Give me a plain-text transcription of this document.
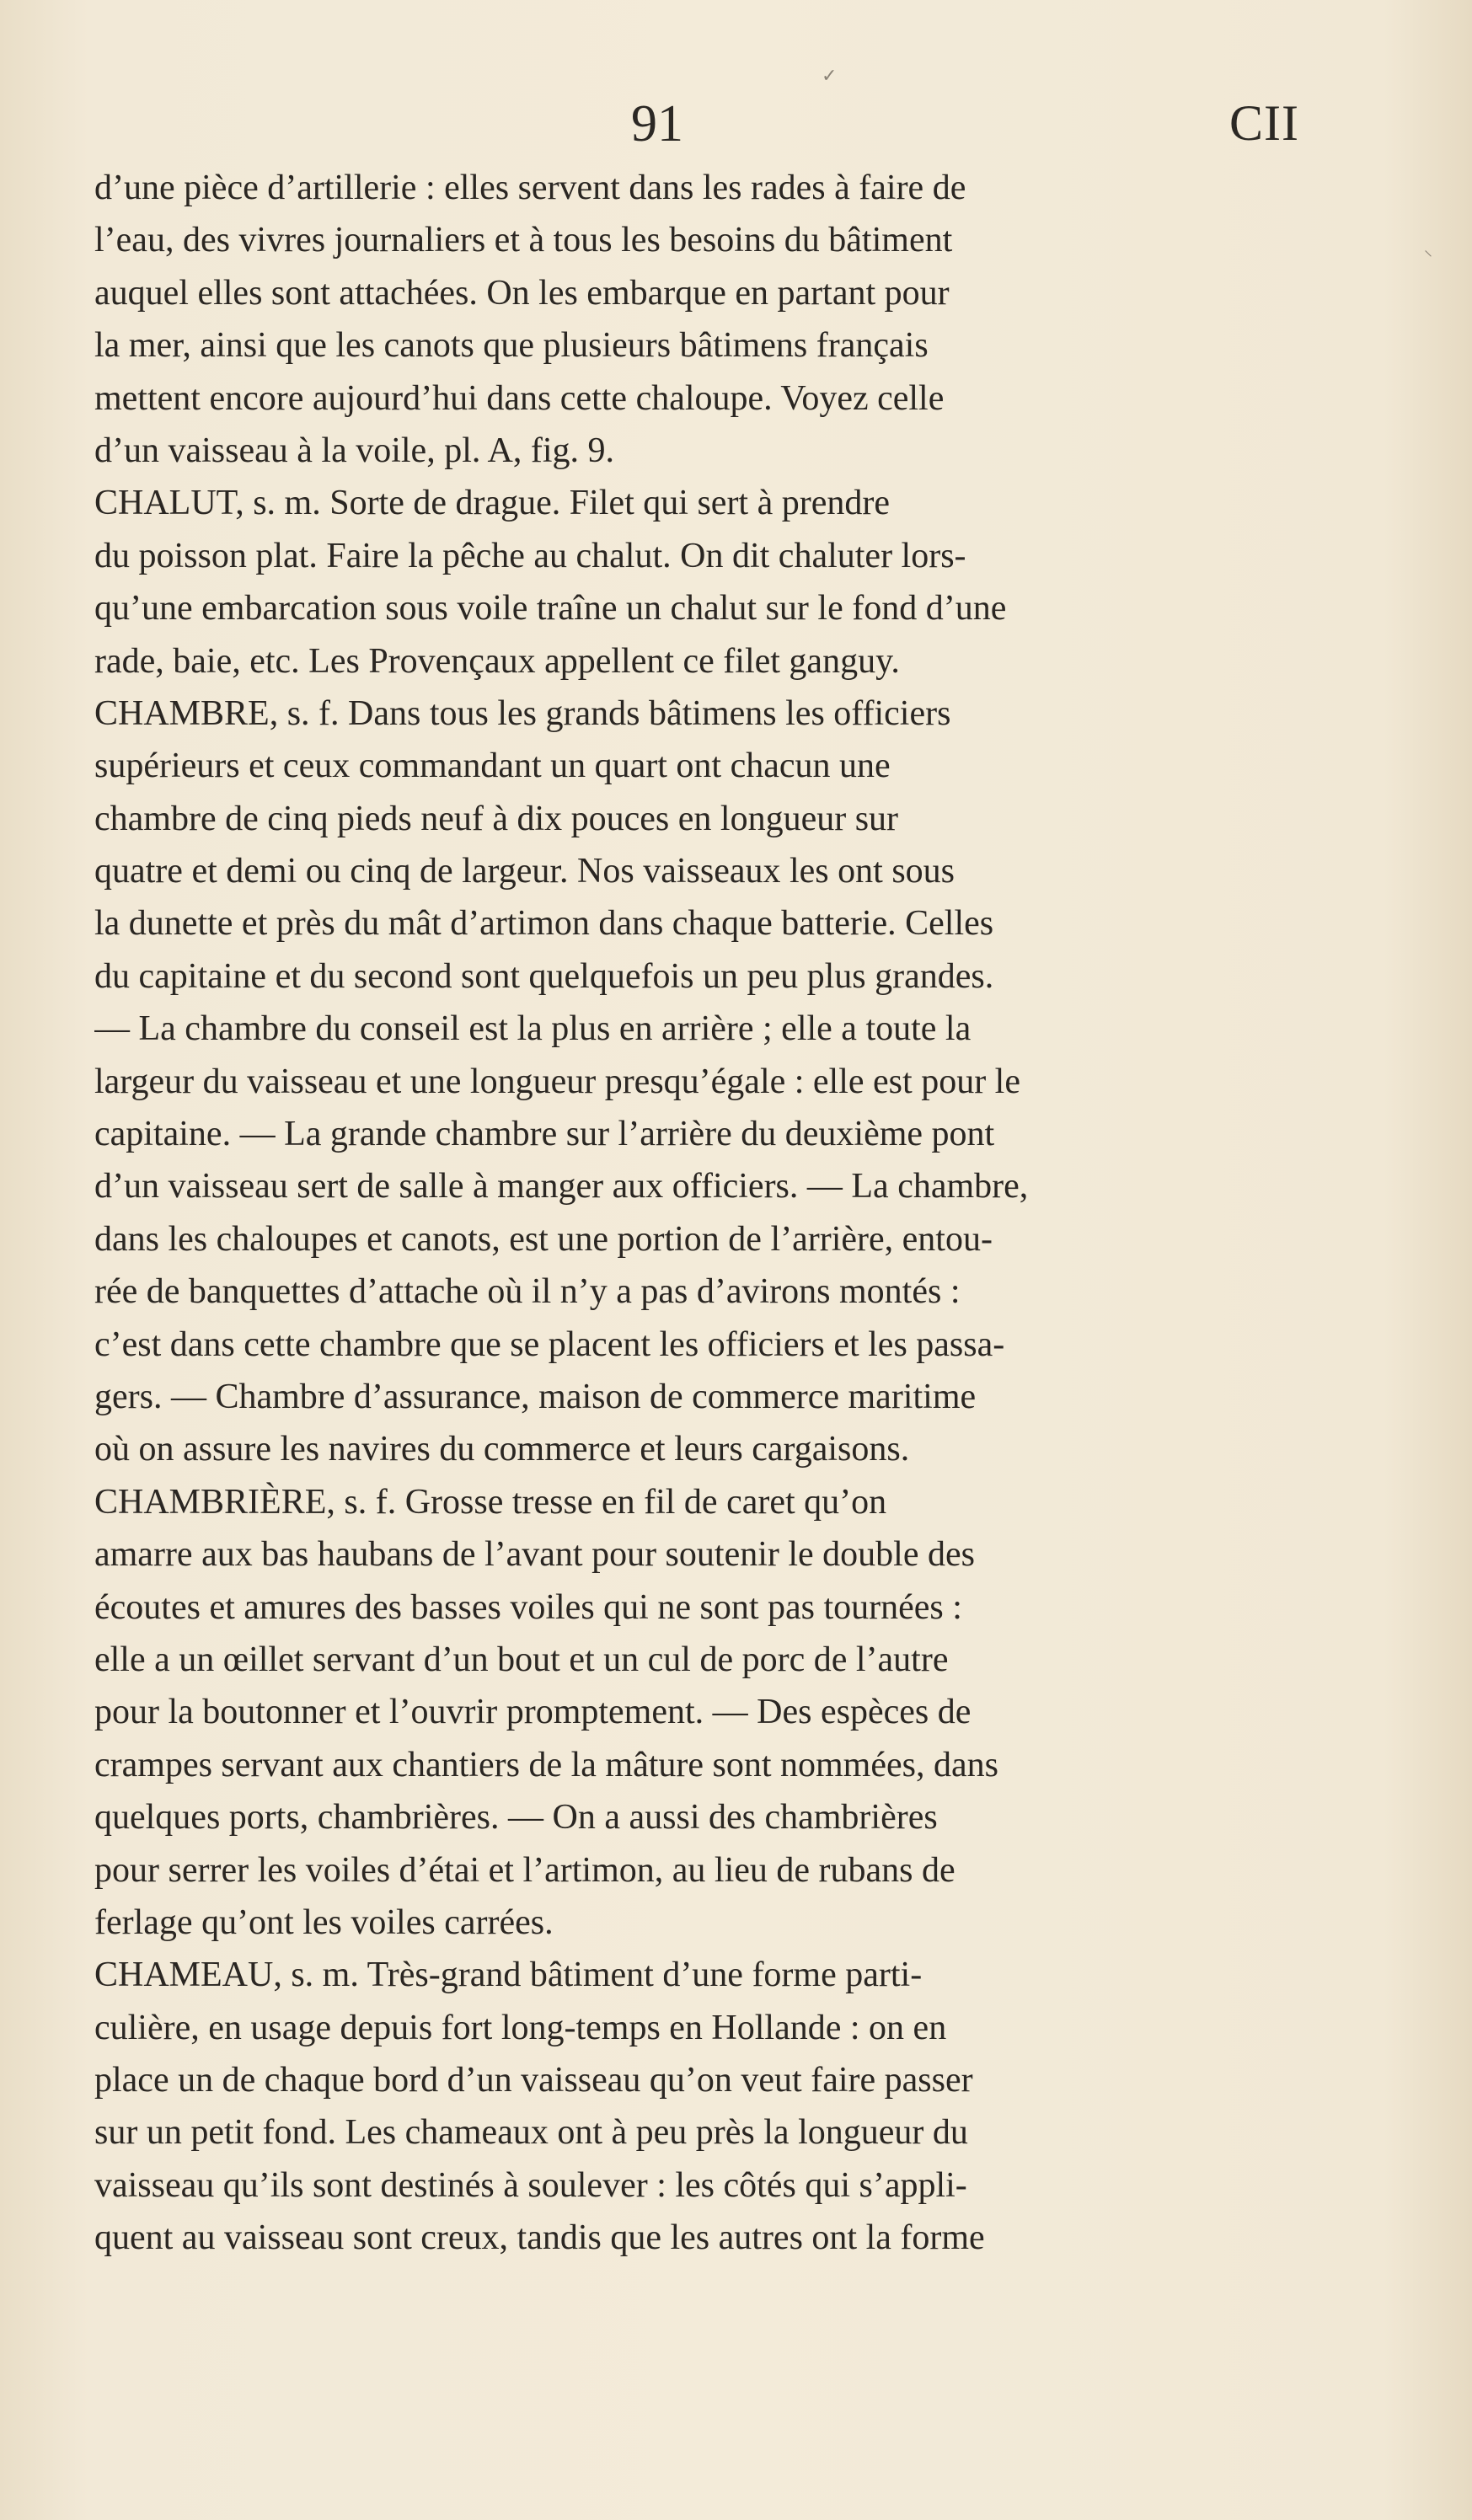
91	CII
✓
⸜
d’une pièce d’artillerie : elles servent dans les rades à faire de
l’eau, des vivres journaliers et à tous les besoins du bâtiment
auquel elles sont attachées. On les embarque en partant pour
la mer, ainsi que les canots que plusieurs bâtimens français
mettent encore aujourd’hui dans cette chaloupe. Voyez celle
d’un vaisseau à la voile, pl. A, fig. 9.
CHALUT, s. m. Sorte de drague. Filet qui sert à prendre
du poisson plat. Faire la pêche au chalut. On dit chaluter lors-
qu’une embarcation sous voile traîne un chalut sur le fond d’une
rade, baie, etc. Les Provençaux appellent ce filet ganguy.
CHAMBRE, s. f. Dans tous les grands bâtimens les officiers
supérieurs et ceux commandant un quart ont chacun une
chambre de cinq pieds neuf à dix pouces en longueur sur
quatre et demi ou cinq de largeur. Nos vaisseaux les ont sous
la dunette et près du mât d’artimon dans chaque batterie. Celles
du capitaine et du second sont quelquefois un peu plus grandes.
— La chambre du conseil est la plus en arrière ; elle a toute la
largeur du vaisseau et une longueur presqu’égale : elle est pour le
capitaine. — La grande chambre sur l’arrière du deuxième pont
d’un vaisseau sert de salle à manger aux officiers. — La chambre,
dans les chaloupes et canots, est une portion de l’arrière, entou-
rée de banquettes d’attache où il n’y a pas d’avirons montés :
c’est dans cette chambre que se placent les officiers et les passa-
gers. — Chambre d’assurance, maison de commerce maritime
où on assure les navires du commerce et leurs cargaisons.
CHAMBRIÈRE, s. f. Grosse tresse en fil de caret qu’on
amarre aux bas haubans de l’avant pour soutenir le double des
écoutes et amures des basses voiles qui ne sont pas tournées :
elle a un œillet servant d’un bout et un cul de porc de l’autre
pour la boutonner et l’ouvrir promptement. — Des espèces de
crampes servant aux chantiers de la mâture sont nommées, dans
quelques ports, chambrières. — On a aussi des chambrières
pour serrer les voiles d’étai et l’artimon, au lieu de rubans de
ferlage qu’ont les voiles carrées.
CHAMEAU, s. m. Très-grand bâtiment d’une forme parti-
culière, en usage depuis fort long-temps en Hollande : on en
place un de chaque bord d’un vaisseau qu’on veut faire passer
sur un petit fond. Les chameaux ont à peu près la longueur du
vaisseau qu’ils sont destinés à soulever : les côtés qui s’appli-
quent au vaisseau sont creux, tandis que les autres ont la forme
